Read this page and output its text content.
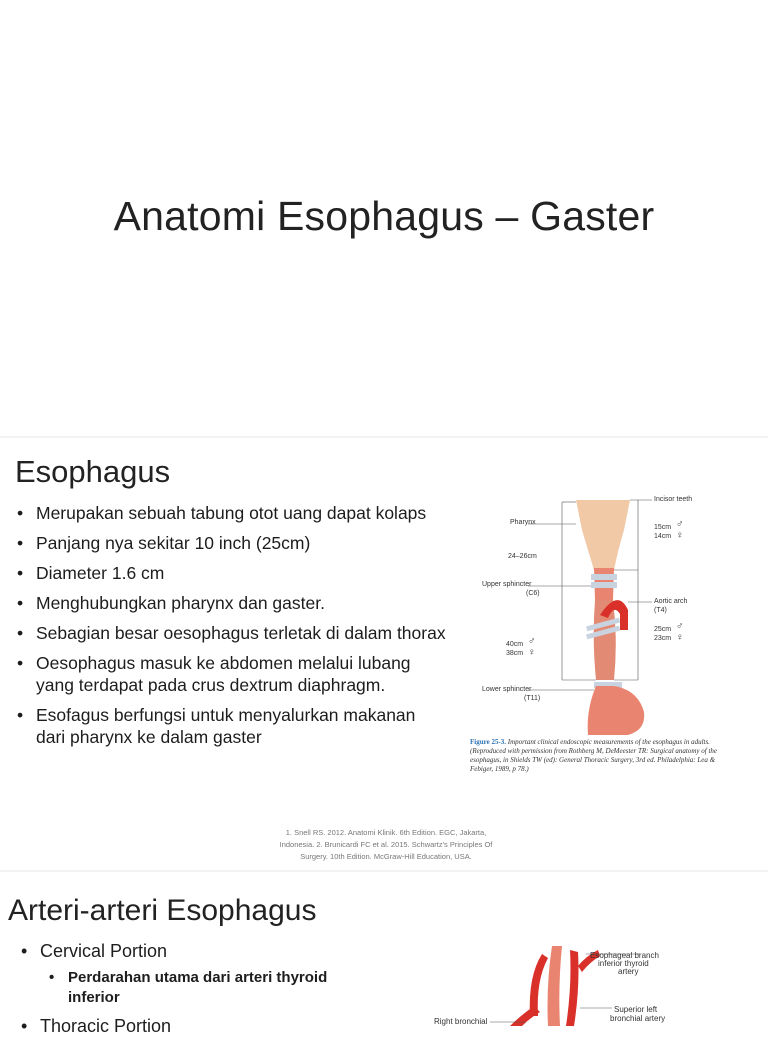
Anatomi Esophagus – Gaster
Esophagus
• Merupakan sebuah tabung otot uang dapat kolaps
• Panjang nya sekitar 10 inch (25cm)
• Diameter 1.6 cm
• Menghubungkan pharynx dan gaster.
• Sebagian besar oesophagus terletak di dalam thorax
• Oesophagus masuk ke abdomen melalui lubang yang terdapat pada crus dextrum diaphragm.
• Esofagus berfungsi untuk menyalurkan makanan dari pharynx ke dalam gaster
Incisor teeth
Pharynx
24–26cm
Upper sphincter
(C6)
Lower sphincter
(T11)
15cm ♂
14cm ♀
Aortic arch
(T4)
25cm ♂
23cm ♀
40cm ♂
38cm ♀
Figure 25-3. Important clinical endoscopic measurements of the esophagus in adults. (Reproduced with permission from Rothberg M, DeMeester TR: Surgical anatomy of the esophagus, in Shields TW (ed): General Thoracic Surgery, 3rd ed. Philadelphia: Lea & Febiger, 1989, p 78.)
1. Snell RS. 2012. Anatomi Klinik. 6th Edition. EGC, Jakarta,
Indonesia. 2. Brunicardi FC et al. 2015. Schwartz's Principles Of
Surgery. 10th Edition. McGraw-Hill Education, USA.
Arteri-arteri Esophagus
• Cervical Portion
• Perdarahan utama dari arteri thyroid inferior
• Thoracic Portion
Esophageal branch
inferior thyroid
artery
Superior left
bronchial artery
Right bronchial
